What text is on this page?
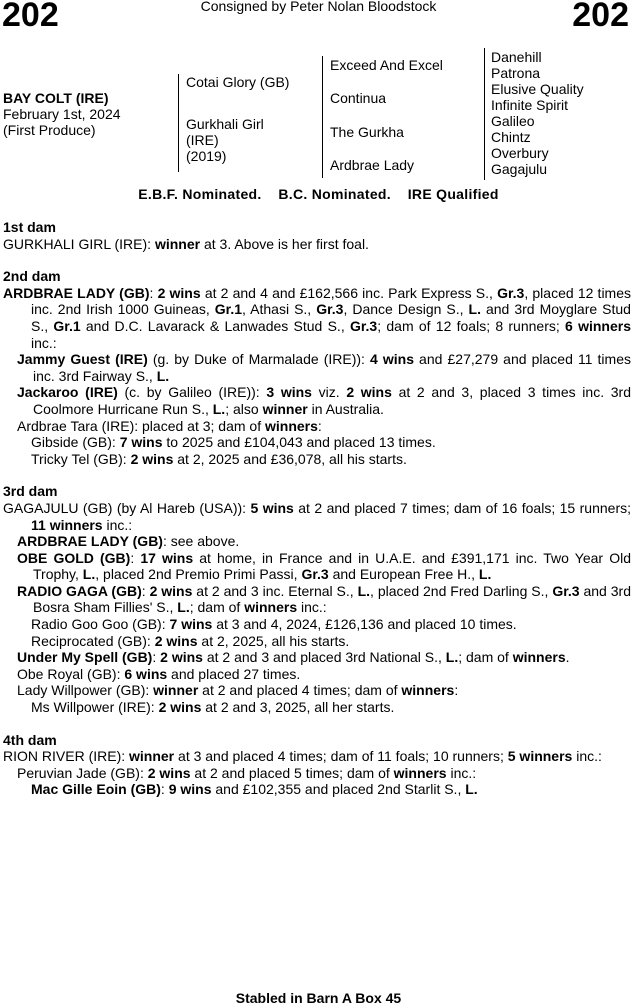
202	Consigned by Peter Nolan Bloodstock	202
BAY COLT (IRE)
February 1st, 2024
(First Produce)
Cotai Glory (GB)
Gurkhali Girl
(IRE)
(2019)
Exceed And Excel
Continua
The Gurkha
Ardbrae Lady
Danehill
Patrona
Elusive Quality
Infinite Spirit
Galileo
Chintz
Overbury
Gagajulu
E.B.F. Nominated.    B.C. Nominated.    IRE Qualified
1st dam
GURKHALI GIRL (IRE): winner at 3. Above is her first foal.
2nd dam
ARDBRAE LADY (GB): 2 wins at 2 and 4 and £162,566 inc. Park Express S., Gr.3, placed 12 times inc. 2nd Irish 1000 Guineas, Gr.1, Athasi S., Gr.3, Dance Design S., L. and 3rd Moyglare Stud S., Gr.1 and D.C. Lavarack & Lanwades Stud S., Gr.3; dam of 12 foals; 8 runners; 6 winners inc.:
Jammy Guest (IRE) (g. by Duke of Marmalade (IRE)): 4 wins and £27,279 and placed 11 times inc. 3rd Fairway S., L.
Jackaroo (IRE) (c. by Galileo (IRE)): 3 wins viz. 2 wins at 2 and 3, placed 3 times inc. 3rd Coolmore Hurricane Run S., L.; also winner in Australia.
Ardbrae Tara (IRE): placed at 3; dam of winners:
Gibside (GB): 7 wins to 2025 and £104,043 and placed 13 times.
Tricky Tel (GB): 2 wins at 2, 2025 and £36,078, all his starts.
3rd dam
GAGAJULU (GB) (by Al Hareb (USA)): 5 wins at 2 and placed 7 times; dam of 16 foals; 15 runners; 11 winners inc.:
ARDBRAE LADY (GB): see above.
OBE GOLD (GB): 17 wins at home, in France and in U.A.E. and £391,171 inc. Two Year Old Trophy, L., placed 2nd Premio Primi Passi, Gr.3 and European Free H., L.
RADIO GAGA (GB): 2 wins at 2 and 3 inc. Eternal S., L., placed 2nd Fred Darling S., Gr.3 and 3rd Bosra Sham Fillies' S., L.; dam of winners inc.:
Radio Goo Goo (GB): 7 wins at 3 and 4, 2024, £126,136 and placed 10 times.
Reciprocated (GB): 2 wins at 2, 2025, all his starts.
Under My Spell (GB): 2 wins at 2 and 3 and placed 3rd National S., L.; dam of winners.
Obe Royal (GB): 6 wins and placed 27 times.
Lady Willpower (GB): winner at 2 and placed 4 times; dam of winners:
Ms Willpower (IRE): 2 wins at 2 and 3, 2025, all her starts.
4th dam
RION RIVER (IRE): winner at 3 and placed 4 times; dam of 11 foals; 10 runners; 5 winners inc.:
Peruvian Jade (GB): 2 wins at 2 and placed 5 times; dam of winners inc.:
Mac Gille Eoin (GB): 9 wins and £102,355 and placed 2nd Starlit S., L.
Stabled in Barn A Box 45
